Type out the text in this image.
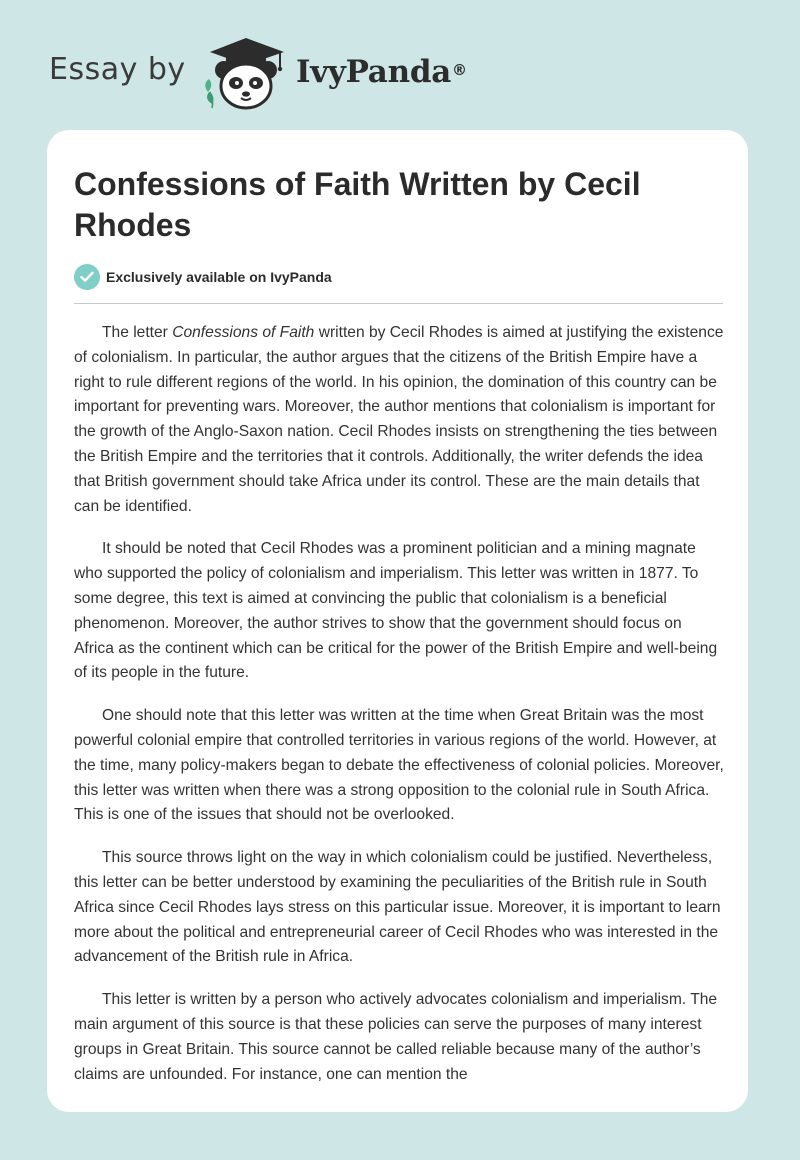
Essay by	IvyPanda®
Confessions of Faith Written by Cecil Rhodes
Exclusively available on IvyPanda

The letter Confessions of Faith written by Cecil Rhodes is aimed at justifying the existence of colonialism. In particular, the author argues that the citizens of the British Empire have a right to rule different regions of the world. In his opinion, the domination of this country can be important for preventing wars. Moreover, the author mentions that colonialism is important for the growth of the Anglo-Saxon nation. Cecil Rhodes insists on strengthening the ties between the British Empire and the territories that it controls. Additionally, the writer defends the idea that British government should take Africa under its control. These are the main details that can be identified.

It should be noted that Cecil Rhodes was a prominent politician and a mining magnate who supported the policy of colonialism and imperialism. This letter was written in 1877. To some degree, this text is aimed at convincing the public that colonialism is a beneficial phenomenon. Moreover, the author strives to show that the government should focus on Africa as the continent which can be critical for the power of the British Empire and well-being of its people in the future.

One should note that this letter was written at the time when Great Britain was the most powerful colonial empire that controlled territories in various regions of the world. However, at the time, many policy-makers began to debate the effectiveness of colonial policies. Moreover, this letter was written when there was a strong opposition to the colonial rule in South Africa. This is one of the issues that should not be overlooked.

This source throws light on the way in which colonialism could be justified. Nevertheless, this letter can be better understood by examining the peculiarities of the British rule in South Africa since Cecil Rhodes lays stress on this particular issue. Moreover, it is important to learn more about the political and entrepreneurial career of Cecil Rhodes who was interested in the advancement of the British rule in Africa.

This letter is written by a person who actively advocates colonialism and imperialism. The main argument of this source is that these policies can serve the purposes of many interest groups in Great Britain. This source cannot be called reliable because many of the author’s claims are unfounded. For instance, one can mention the
